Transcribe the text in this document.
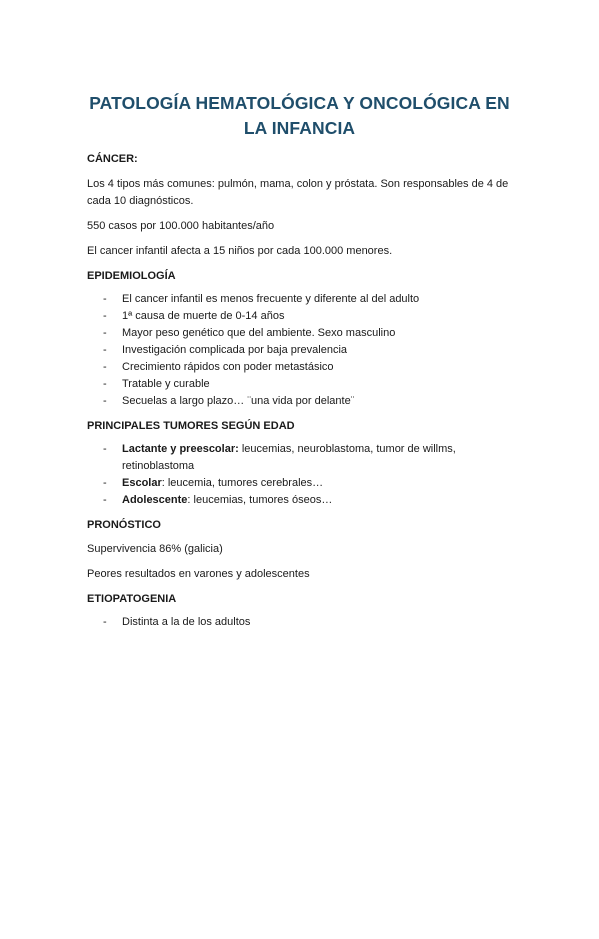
PATOLOGÍA HEMATOLÓGICA Y ONCOLÓGICA EN
LA INFANCIA
CÁNCER:

Los 4 tipos más comunes: pulmón, mama, colon y próstata. Son responsables de 4 de cada 10 diagnósticos.

550 casos por 100.000 habitantes/año

El cancer infantil afecta a 15 niños por cada 100.000 menores.

EPIDEMIOLOGÍA
- El cancer infantil es menos frecuente y diferente al del adulto
- 1ª causa de muerte de 0-14 años
- Mayor peso genético que del ambiente. Sexo masculino
- Investigación complicada por baja prevalencia
- Crecimiento rápidos con poder metastásico
- Tratable y curable
- Secuelas a largo plazo… ¨una vida por delante¨
PRINCIPALES TUMORES SEGÚN EDAD
- Lactante y preescolar: leucemias, neuroblastoma, tumor de willms, retinoblastoma
- Escolar: leucemia, tumores cerebrales…
- Adolescente: leucemias, tumores óseos…
PRONÓSTICO

Supervivencia 86% (galicia)

Peores resultados en varones y adolescentes

ETIOPATOGENIA
- Distinta a la de los adultos
